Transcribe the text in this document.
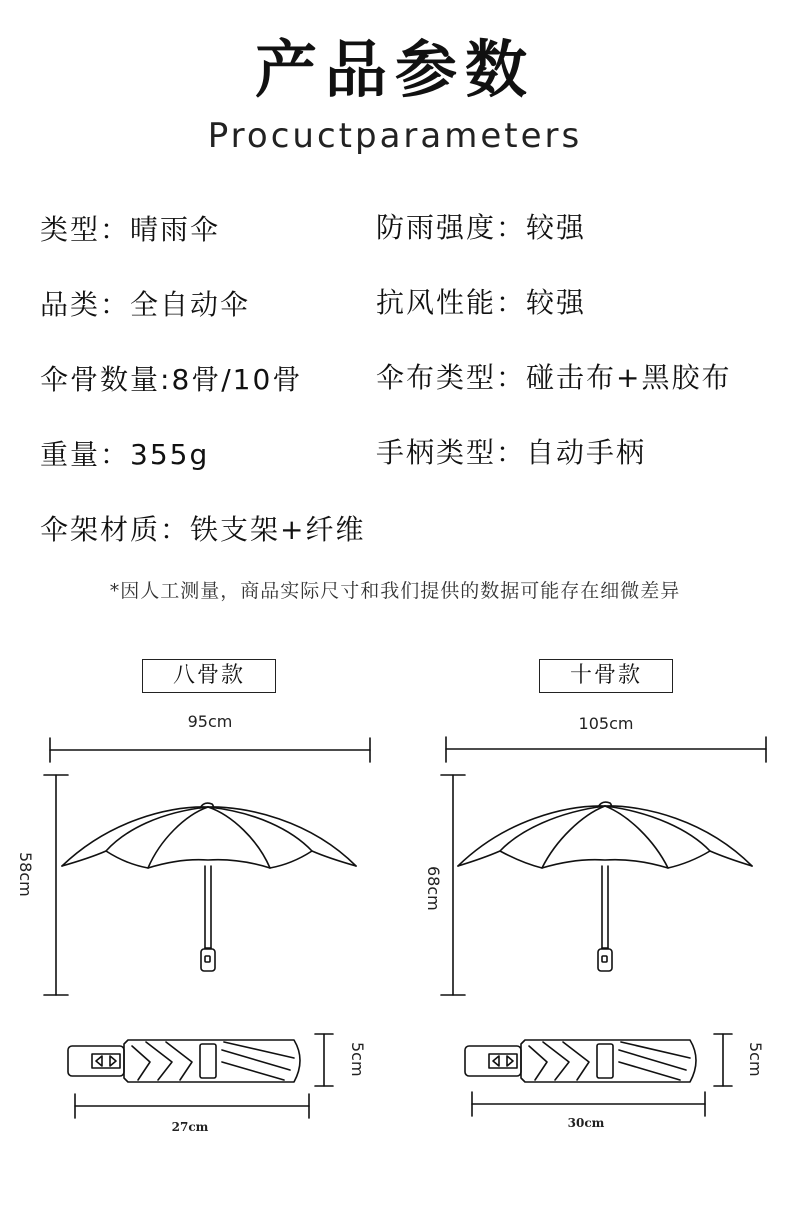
产品参数
Procuctparameters
类型：晴雨伞
品类：全自动伞
伞骨数量:8骨/10骨
重量：355g
伞架材质：铁支架+纤维
防雨强度：较强
抗风性能：较强
伞布类型：碰击布+黑胶布
手柄类型：自动手柄
*因人工测量，商品实际尺寸和我们提供的数据可能存在细微差异
八骨款	十骨款
95cm	105cm
58cm	68cm
5cm	5cm
27cm	30cm
